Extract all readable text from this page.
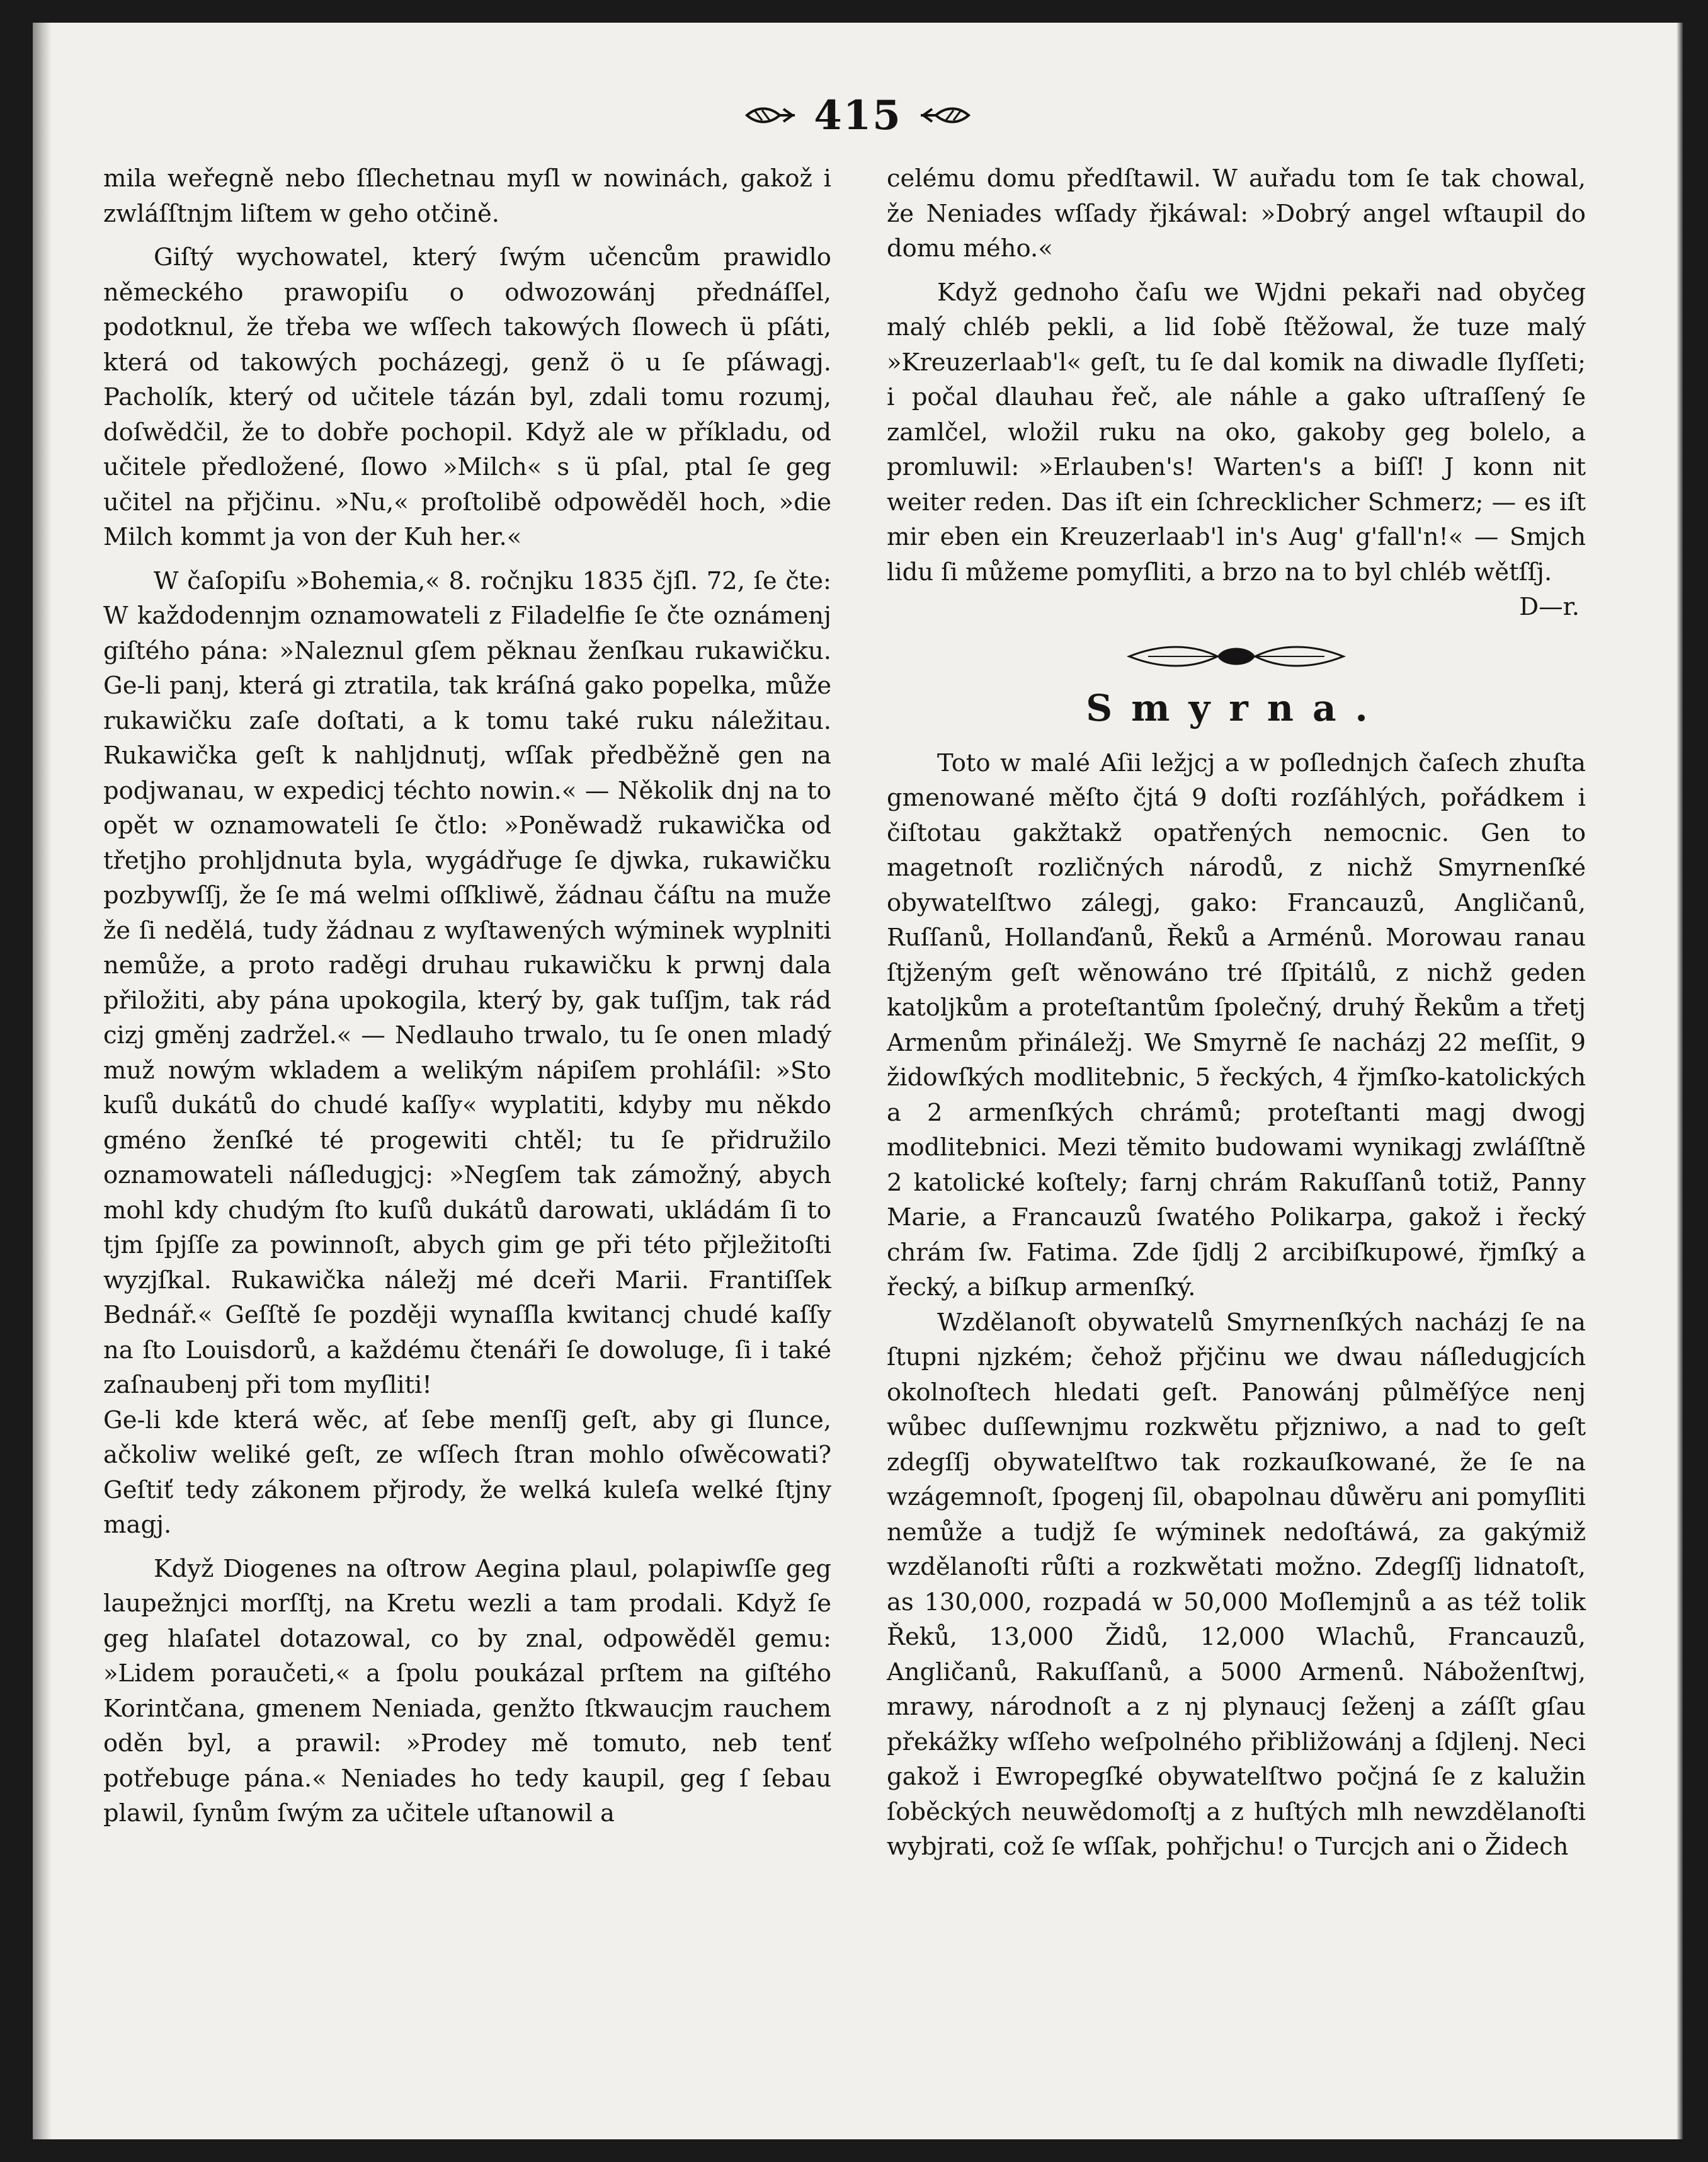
415

mila weřegně nebo ſſlechetnau myſl w nowinách, gakož i zwláſſtnjm liſtem w geho otčině.

Giſtý wychowatel, který ſwým učencům prawidlo německého prawopiſu o odwozowánj přednáſſel, podotknul, že třeba we wſſech takowých ſlowech ü pſáti, která od takowých pocházegj, genž ö u ſe pſáwagj. Pacholík, který od učitele tázán byl, zdali tomu rozumj, doſwědčil, že to dobře pochopil. Když ale w příkladu, od učitele předložené, ſlowo »Milch« s ü pſal, ptal ſe geg učitel na přjčinu. »Nu,« proſtolibě odpowěděl hoch, »die Milch kommt ja von der Kuh her.«

W čaſopiſu »Bohemia,« 8. ročnjku 1835 čjſl. 72, ſe čte: W každodennjm oznamowateli z Filadelfie ſe čte oznámenj giſtého pána: »Naleznul gſem pěknau ženſkau rukawičku. Ge-li panj, která gi ztratila, tak kráſná gako popelka, může rukawičku zaſe doſtati, a k tomu také ruku náležitau. Rukawička geſt k nahljdnutj, wſſak předběžně gen na podjwanau, w expedicj téchto nowin.« — Několik dnj na to opět w oznamowateli ſe čtlo: »Poněwadž rukawička od třetjho prohljdnuta byla, wygádřuge ſe djwka, rukawičku pozbywſſj, že ſe má welmi oſſkliwě, žádnau čáſtu na muže že ſi nedělá, tudy žádnau z wyſtawených wýminek wyplniti nemůže, a proto raděgi druhau rukawičku k prwnj dala přiložiti, aby pána upokogila, který by, gak tuſſjm, tak rád cizj gměnj zadržel.« — Nedlauho trwalo, tu ſe onen mladý muž nowým wkladem a welikým nápiſem prohláſil: »Sto kuſů dukátů do chudé kaſſy« wyplatiti, kdyby mu někdo gméno ženſké té progewiti chtěl; tu ſe přidružilo oznamowateli náſledugjcj: »Negſem tak zámožný, abych mohl kdy chudým ſto kuſů dukátů darowati, ukládám ſi to tjm ſpjſſe za powinnoſt, abych gim ge při této přjležitoſti wyzjſkal. Rukawička náležj mé dceři Marii. Frantiſſek Bednář.« Geſſtě ſe později wynaſſla kwitancj chudé kaſſy na ſto Louisdorů, a každému čtenáři ſe dowoluge, ſi i také zaſnaubenj při tom myſliti!

Ge-li kde která wěc, ať ſebe menſſj geſt, aby gi ſlunce, ačkoliw weliké geſt, ze wſſech ſtran mohlo oſwěcowati? Geſtiť tedy zákonem přjrody, že welká kuleſa welké ſtjny magj.

Když Diogenes na oſtrow Aegina plaul, polapiwſſe geg laupežnjci morſſtj, na Kretu wezli a tam prodali. Když ſe geg hlaſatel dotazowal, co by znal, odpowěděl gemu: »Lidem poraučeti,« a ſpolu poukázal prſtem na giſtého Korintčana, gmenem Neniada, genžto ſtkwaucjm rauchem oděn byl, a prawil: »Prodey mě tomuto, neb tenť potřebuge pána.« Neniades ho tedy kaupil, geg ſ ſebau plawil, ſynům ſwým za učitele uſtanowil a

celému domu předſtawil. W auřadu tom ſe tak chowal, že Neniades wſſady řjkáwal: »Dobrý angel wſtaupil do domu mého.«

Když gednoho čaſu we Wjdni pekaři nad obyčeg malý chléb pekli, a lid ſobě ſtěžowal, že tuze malý »Kreuzerlaab'l« geſt, tu ſe dal komik na diwadle ſlyſſeti; i počal dlauhau řeč, ale náhle a gako uſtraſſený ſe zamlčel, wložil ruku na oko, gakoby geg bolelo, a promluwil: »Erlauben's! Warten's a biſſ! J konn nit weiter reden. Das iſt ein ſchrecklicher Schmerz; — es iſt mir eben ein Kreuzerlaab'l in's Aug' g'fall'n!« — Smjch lidu ſi můžeme pomyſliti, a brzo na to byl chléb wětſſj.

D—r.

Smyrna.

Toto w malé Aſii ležjcj a w poſlednjch čaſech zhuſta gmenowané měſto čjtá 9 doſti rozſáhlých, pořádkem i čiſtotau gakžtakž opatřených nemocnic. Gen to magetnoſt rozličných národů, z nichž Smyrnenſké obywatelſtwo zálegj, gako: Francauzů, Angličanů, Ruſſanů, Hollanďanů, Řeků a Arménů. Morowau ranau ſtjženým geſt wěnowáno tré ſſpitálů, z nichž geden katoljkům a proteſtantům ſpolečný, druhý Řekům a třetj Armenům přináležj. We Smyrně ſe nacházj 22 meſſit, 9 židowſkých modlitebnic, 5 řeckých, 4 řjmſko-katolických a 2 armenſkých chrámů; proteſtanti magj dwogj modlitebnici. Mezi těmito budowami wynikagj zwláſſtně 2 katolické koſtely; farnj chrám Rakuſſanů totiž, Panny Marie, a Francauzů ſwatého Polikarpa, gakož i řecký chrám ſw. Fatima. Zde ſjdlj 2 arcibiſkupowé, řjmſký a řecký, a biſkup armenſký.

Wzdělanoſt obywatelů Smyrnenſkých nacházj ſe na ſtupni njzkém; čehož přjčinu we dwau náſledugjcích okolnoſtech hledati geſt. Panowánj půlměſýce nenj wůbec duſſewnjmu rozkwětu přjzniwo, a nad to geſt zdegſſj obywatelſtwo tak rozkauſkowané, že ſe na wzágemnoſt, ſpogenj ſil, obapolnau důwěru ani pomyſliti nemůže a tudjž ſe wýminek nedoſtáwá, za gakýmiž wzdělanoſti růſti a rozkwětati možno. Zdegſſj lidnatoſt, as 130,000, rozpadá w 50,000 Moſlemjnů a as též tolik Řeků, 13,000 Židů, 12,000 Wlachů, Francauzů, Angličanů, Rakuſſanů, a 5000 Armenů. Náboženſtwj, mrawy, národnoſt a z nj plynaucj ſeženj a záſſt gſau překážky wſſeho weſpolného přibližowánj a ſdjlenj. Neci gakož i Ewropegſké obywatelſtwo počjná ſe z kalužin ſoběckých neuwědomoſtj a z huſtých mlh newzdělanoſti wybjrati, což ſe wſſak, pohřjchu! o Turcjch ani o Židech
